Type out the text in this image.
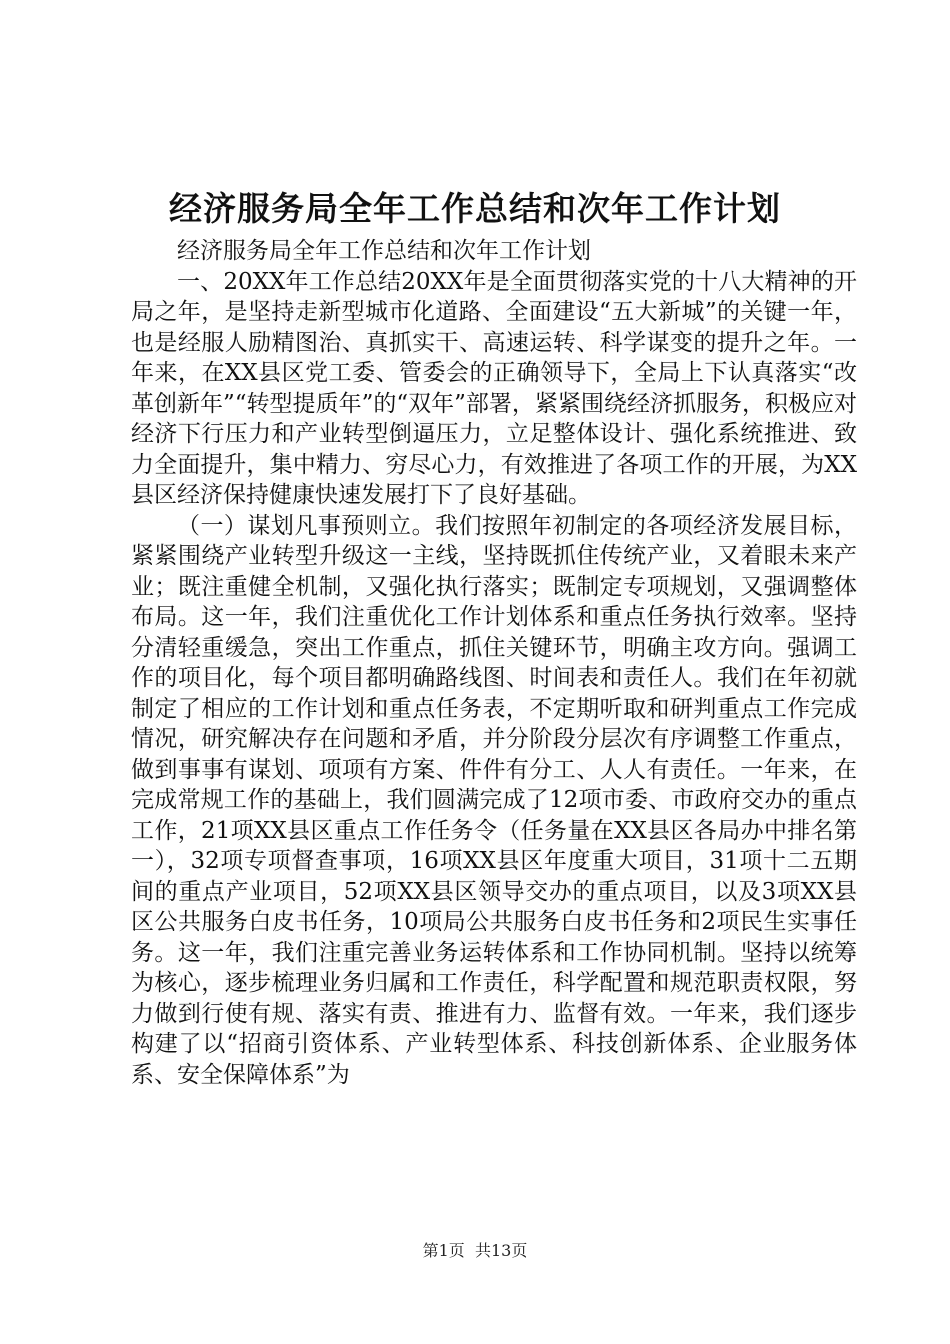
经济服务局全年工作总结和次年工作计划

经济服务局全年工作总结和次年工作计划

一、20XX年工作总结20XX年是全面贯彻落实党的十八大精神的开局之年，是坚持走新型城市化道路、全面建设“五大新城”的关键一年，也是经服人励精图治、真抓实干、高速运转、科学谋变的提升之年。一年来，在XX县区党工委、管委会的正确领导下，全局上下认真落实“改革创新年”“转型提质年”的“双年”部署，紧紧围绕经济抓服务，积极应对经济下行压力和产业转型倒逼压力，立足整体设计、强化系统推进、致力全面提升，集中精力、穷尽心力，有效推进了各项工作的开展，为XX县区经济保持健康快速发展打下了良好基础。

（一）谋划凡事预则立。我们按照年初制定的各项经济发展目标，紧紧围绕产业转型升级这一主线，坚持既抓住传统产业，又着眼未来产业；既注重健全机制，又强化执行落实；既制定专项规划，又强调整体布局。这一年，我们注重优化工作计划体系和重点任务执行效率。坚持分清轻重缓急，突出工作重点，抓住关键环节，明确主攻方向。强调工作的项目化，每个项目都明确路线图、时间表和责任人。我们在年初就制定了相应的工作计划和重点任务表，不定期听取和研判重点工作完成情况，研究解决存在问题和矛盾，并分阶段分层次有序调整工作重点，做到事事有谋划、项项有方案、件件有分工、人人有责任。一年来，在完成常规工作的基础上，我们圆满完成了12项市委、市政府交办的重点工作，21项XX县区重点工作任务令（任务量在XX县区各局办中排名第一），32项专项督查事项，16项XX县区年度重大项目，31项十二五期间的重点产业项目，52项XX县区领导交办的重点项目，以及3项XX县区公共服务白皮书任务，10项局公共服务白皮书任务和2项民生实事任务。这一年，我们注重完善业务运转体系和工作协同机制。坚持以统筹为核心，逐步梳理业务归属和工作责任，科学配置和规范职责权限，努力做到行使有规、落实有责、推进有力、监督有效。一年来，我们逐步构建了以“招商引资体系、产业转型体系、科技创新体系、企业服务体系、安全保障体系”为

第1页 共13页
